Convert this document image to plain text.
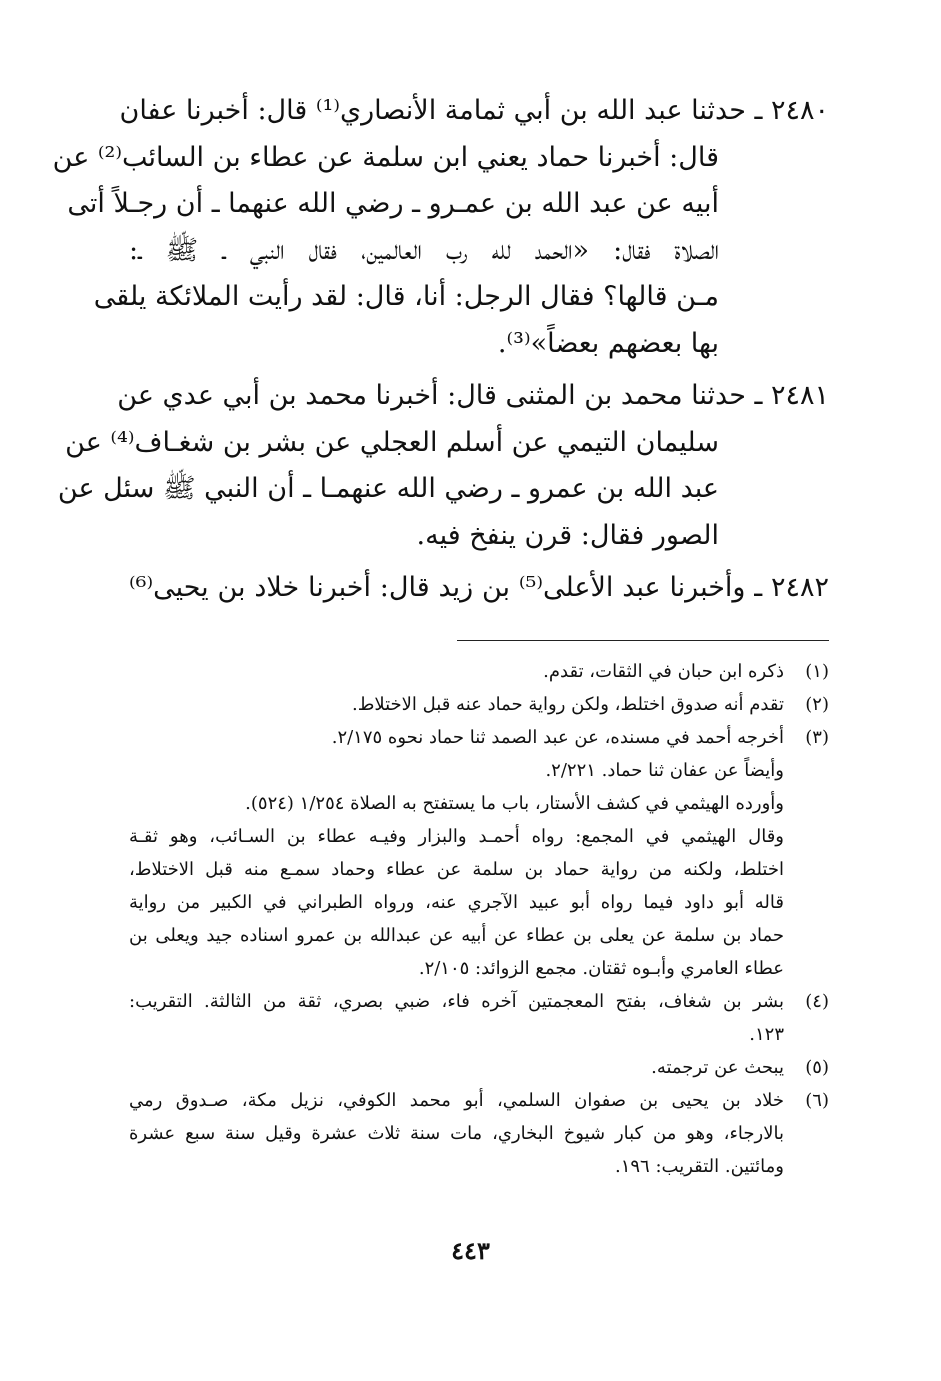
٢٤٨٠ ـ حدثنا عبد الله بن أبي ثمامة الأنصاري⁽¹⁾ قال: أخبرنا عفان
قال: أخبرنا حماد يعني ابن سلمة عن عطاء بن السائب⁽²⁾ عن
أبيه عن عبد الله بن عمـرو ـ رضي الله عنهما ـ أن رجـلاً أتى
الصلاة فقال: «الحمد لله رب العالمين، فقال النبي ـ ﷺ ـ:
مـن قالها؟ فقال الرجل: أنا، قال: لقد رأيت الملائكة يلقى
بها بعضهم بعضاً»⁽³⁾.
٢٤٨١ ـ حدثنا محمد بن المثنى قال: أخبرنا محمد بن أبي عدي عن
سليمان التيمي عن أسلم العجلي عن بشر بن شغـاف⁽⁴⁾ عن
عبد الله بن عمرو ـ رضي الله عنهمـا ـ أن النبي ﷺ سئل عن
الصور فقال: قرن ينفخ فيه.
٢٤٨٢ ـ وأخبرنا عبد الأعلى⁽⁵⁾ بن زيد قال: أخبرنا خلاد بن يحيى⁽⁶⁾
(١)
ذكره ابن حبان في الثقات، تقدم.
(٢)
تقدم أنه صدوق اختلط، ولكن رواية حماد عنه قبل الاختلاط.
(٣)
أخرجه أحمد في مسنده، عن عبد الصمد ثنا حماد نحوه ٢/١٧٥.
وأيضاً عن عفان ثنا حماد. ٢/٢٢١.
وأورده الهيثمي في كشف الأستار، باب ما يستفتح به الصلاة ١/٢٥٤ (٥٢٤).
وقال الهيثمي في المجمع: رواه أحمـد والبزار وفيـه عطاء بن السـائب، وهو ثقـة
اختلط، ولكنه من رواية حماد بن سلمة عن عطاء وحماد سمـع منه قبل الاختلاط،
قاله أبو داود فيما رواه أبو عبيد الآجري عنه، ورواه الطبراني في الكبير من رواية
حماد بن سلمة عن يعلى بن عطاء عن أبيه عن عبدالله بن عمرو اسناده جيد ويعلى بن
عطاء العامري وأبـوه ثقتان. مجمع الزوائد: ٢/١٠٥.
(٤)
بشر بن شغاف، بفتح المعجمتين آخره فاء، ضبي بصري، ثقة من الثالثة. التقريب:
١٢٣.
(٥)
يبحث عن ترجمته.
(٦)
خلاد بن يحيى بن صفوان السلمي، أبو محمد الكوفي، نزيل مكة، صـدوق رمي
بالارجاء، وهو من كبار شيوخ البخاري، مات سنة ثلاث عشرة وقيل سنة سبع عشرة
ومائتين. التقريب: ١٩٦.
٤٤٣
